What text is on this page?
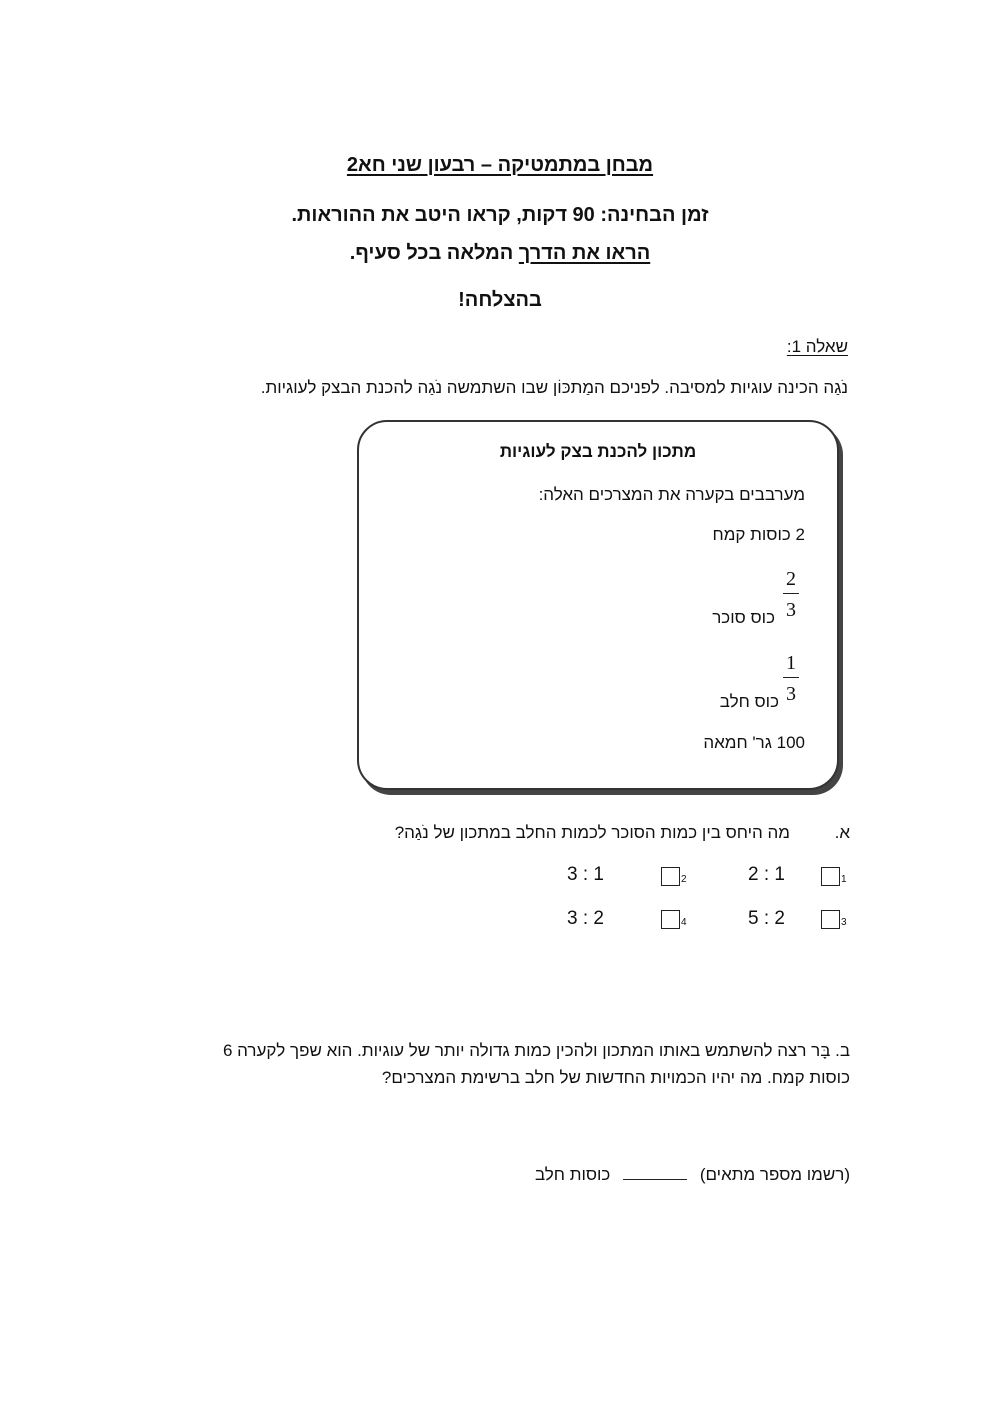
מבחן במתמטיקה – רבעון שני חא2
זמן הבחינה: 90 דקות, קראו היטב את ההוראות.
הראו את הדרך המלאה בכל סעיף.
בהצלחה!
שאלה 1:
נֹגַה הכינה עוגיות למסיבה. לפניכם המַתכּוֹן שבו השתמשה נֹגַה להכנת הבצק לעוגיות.
מתכון להכנת בצק לעוגיות
מערבבים בקערה את המצרכים האלה:
2 כוסות קמח
2
3
כוס סוכר
1
3
כוס חלב
100 גר' חמאה
א.
מה היחס בין כמות הסוכר לכמות החלב במתכון של נֹגַה?
1
2 : 1
2
3 : 1
3
5 : 2
4
3 : 2
ב. בָּר רצה להשתמש באותו המתכון ולהכין כמות גדולה יותר של עוגיות. הוא שפך לקערה 6
כוסות קמח. מה יהיו הכמויות החדשות של חלב ברשימת המצרכים?
(רשמו מספר מתאים)  כוסות חלב
